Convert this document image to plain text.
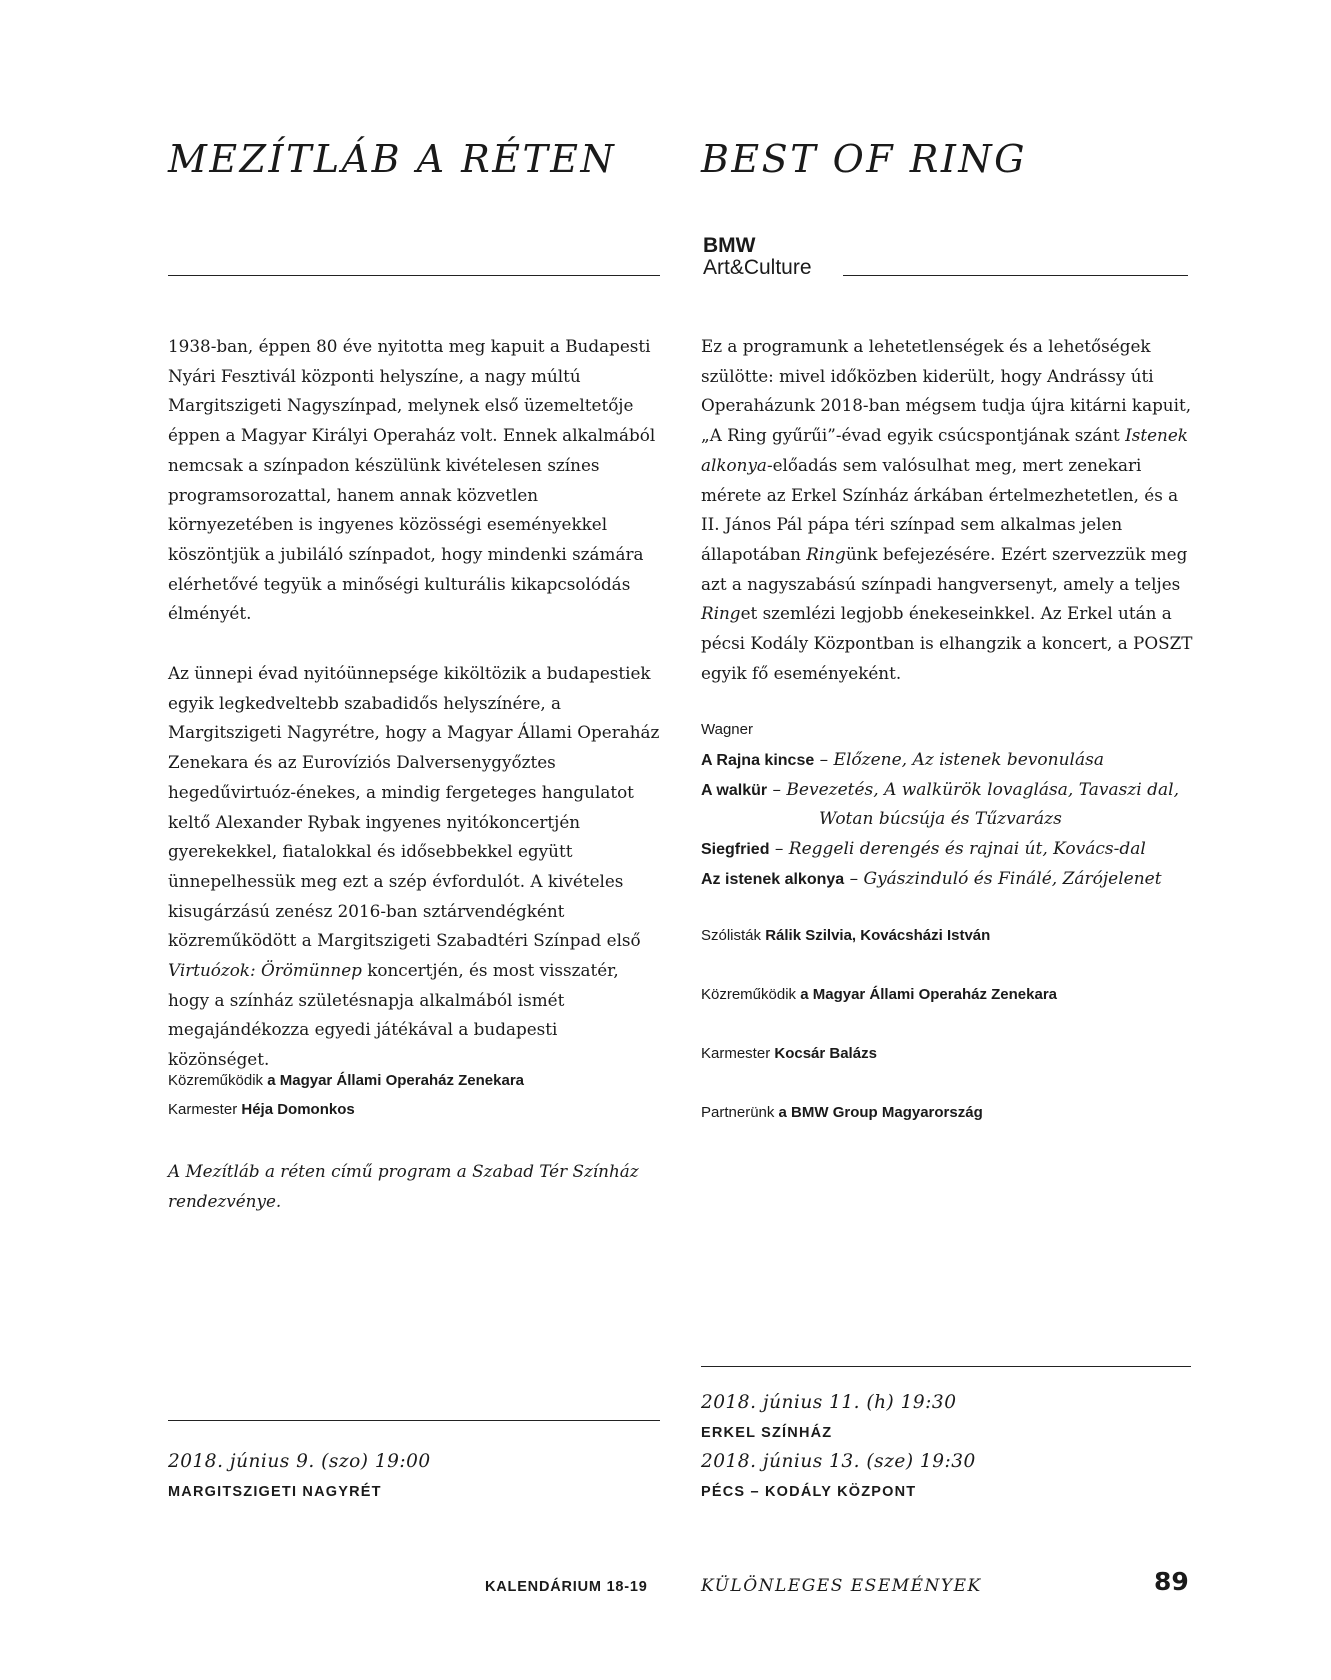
MEZÍTLÁB A RÉTEN

1938-ban, éppen 80 éve nyitotta meg kapuit a Budapesti Nyári Fesztivál központi helyszíne, a nagy múltú Margitszigeti Nagyszínpad, melynek első üzemeltetője éppen a Magyar Királyi Operaház volt. Ennek alkalmából nemcsak a színpadon készülünk kivételesen színes programsorozattal, hanem annak közvetlen környezetében is ingyenes közösségi eseményekkel köszöntjük a jubiláló színpadot, hogy mindenki számára elérhetővé tegyük a minőségi kulturális kikapcsolódás élményét.

Az ünnepi évad nyitóünnepsége kiköltözik a budapestiek egyik legkedveltebb szabadidős helyszínére, a Margitszigeti Nagyrétre, hogy a Magyar Állami Operaház Zenekara és az Eurovíziós Dalversenygyőztes hegedűvirtuóz-énekes, a mindig fergeteges hangulatot keltő Alexander Rybak ingyenes nyitókoncertjén gyerekekkel, fiatalokkal és idősebbekkel együtt ünnepelhessük meg ezt a szép évfordulót. A kivételes kisugárzású zenész 2016-ban sztárvendégként közreműködött a Margitszigeti Szabadtéri Színpad első Virtuózok: Örömünnep koncertjén, és most visszatér, hogy a színház születésnapja alkalmából ismét megajándékozza egyedi játékával a budapesti közönséget.

Közreműködik a Magyar Állami Operaház Zenekara
Karmester Héja Domonkos
A Mezítláb a réten című program a Szabad Tér Színház rendezvénye.
2018. június 9. (szo) 19:00
MARGITSZIGETI NAGYRÉT
BEST OF RING
BMW
Art&Culture

Ez a programunk a lehetetlenségek és a lehetőségek szülötte: mivel időközben kiderült, hogy Andrássy úti Operaházunk 2018-ban mégsem tudja újra kitárni kapuit, „A Ring gyűrűi”-évad egyik csúcspontjának szánt Istenek alkonya-előadás sem valósulhat meg, mert zenekari mérete az Erkel Színház árkában értelmezhetetlen, és a II. János Pál pápa téri színpad sem alkalmas jelen állapotában Ringünk befejezésére. Ezért szervezzük meg azt a nagyszabású színpadi hangversenyt, amely a teljes Ringet szemlézi legjobb énekeseinkkel. Az Erkel után a pécsi Kodály Központban is elhangzik a koncert, a POSZT egyik fő eseményeként.

Wagner
A Rajna kincse – Előzene, Az istenek bevonulása
A walkür – Bevezetés, A walkürök lovaglása, Tavaszi dal,
Wotan búcsúja és Tűzvarázs
Siegfried – Reggeli derengés és rajnai út, Kovács-dal
Az istenek alkonya – Gyászinduló és Finálé, Zárójelenet
Szólisták Rálik Szilvia, Kovácsházi István
Közreműködik a Magyar Állami Operaház Zenekara
Karmester Kocsár Balázs
Partnerünk a BMW Group Magyarország
2018. június 11. (h) 19:30
ERKEL SZÍNHÁZ
2018. június 13. (sze) 19:30
PÉCS – KODÁLY KÖZPONT
KALENDÁRIUM 18-19	KÜLÖNLEGES ESEMÉNYEK	89
